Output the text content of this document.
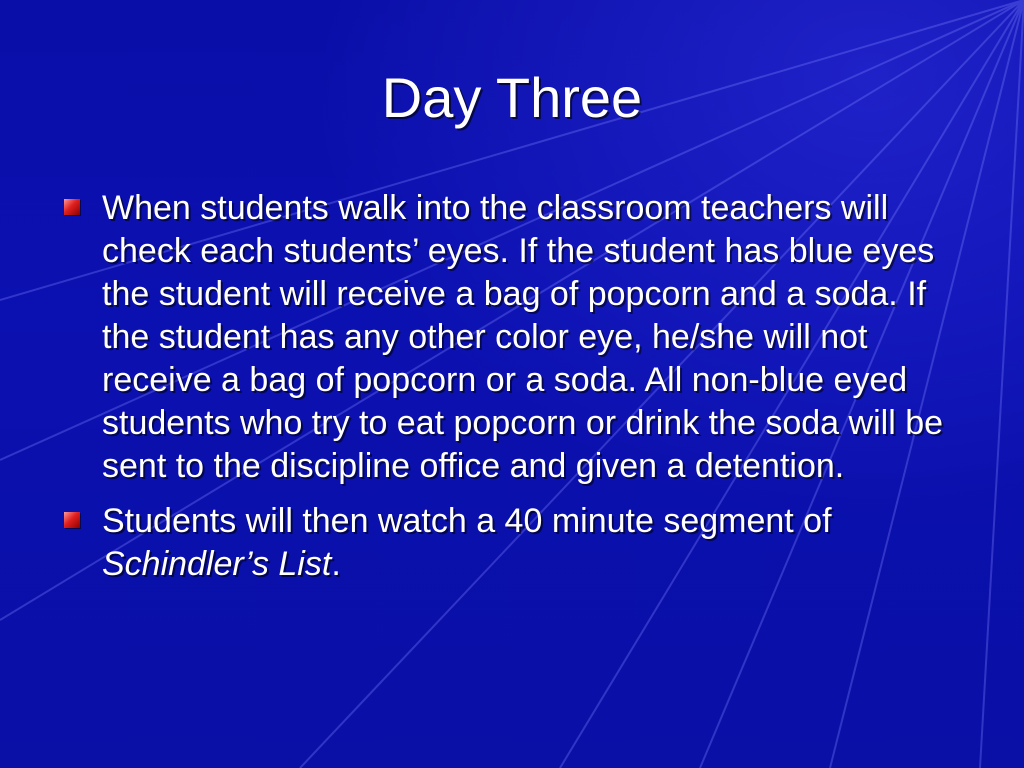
Day Three
When students walk into the classroom teachers will check each students’ eyes. If the student has blue eyes the student will receive a bag of popcorn and a soda. If the student has any other color eye, he/she will not receive a bag of popcorn or a soda. All non-blue eyed students who try to eat popcorn or drink the soda will be sent to the discipline office and given a detention.
Students will then watch a 40 minute segment of Schindler’s List.
